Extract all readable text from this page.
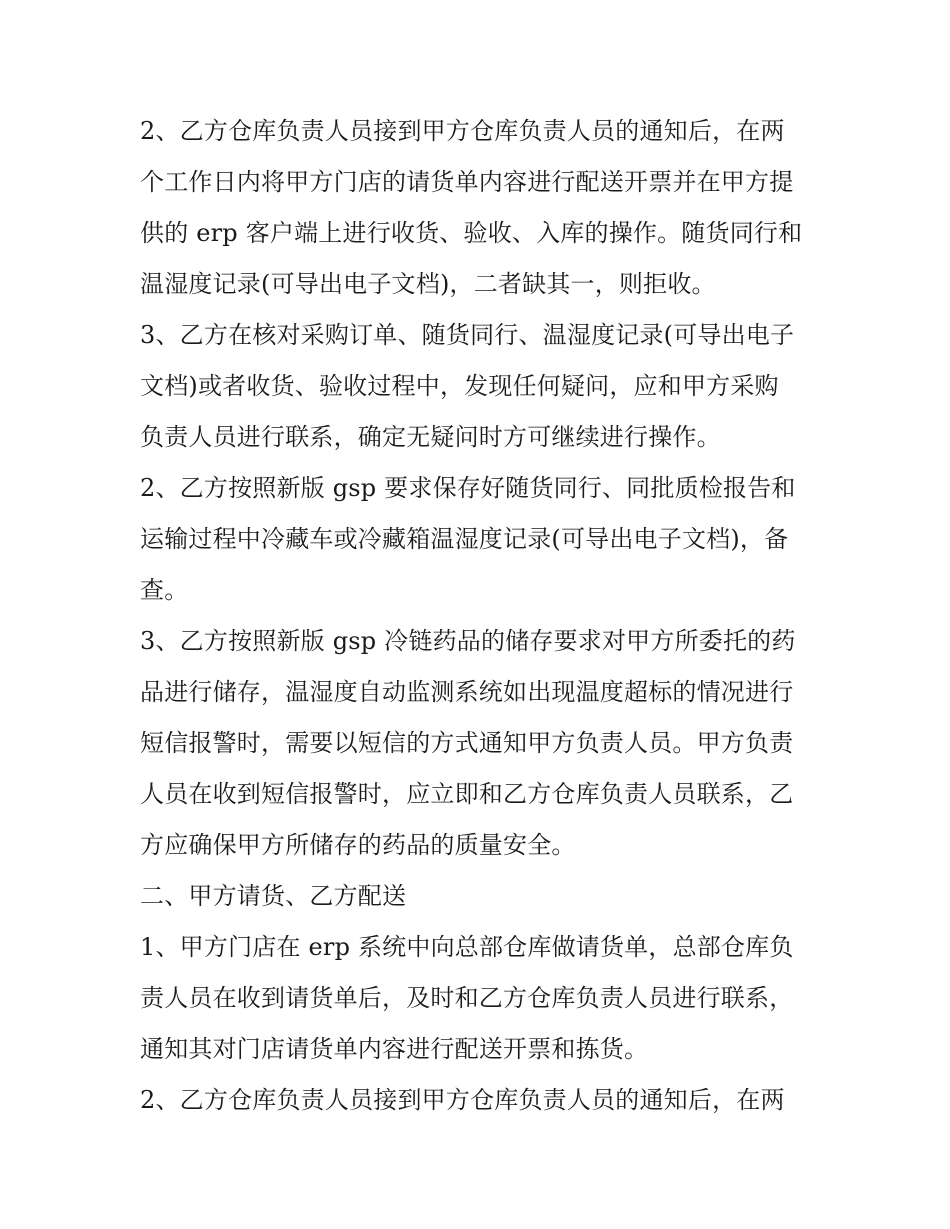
2、乙方仓库负责人员接到甲方仓库负责人员的通知后，在两
个工作日内将甲方门店的请货单内容进行配送开票并在甲方提
供的 erp 客户端上进行收货、验收、入库的操作。随货同行和
温湿度记录(可导出电子文档)，二者缺其一，则拒收。
3、乙方在核对采购订单、随货同行、温湿度记录(可导出电子
文档)或者收货、验收过程中，发现任何疑问，应和甲方采购
负责人员进行联系，确定无疑问时方可继续进行操作。
2、乙方按照新版 gsp 要求保存好随货同行、同批质检报告和
运输过程中冷藏车或冷藏箱温湿度记录(可导出电子文档)，备
查。
3、乙方按照新版 gsp 冷链药品的储存要求对甲方所委托的药
品进行储存，温湿度自动监测系统如出现温度超标的情况进行
短信报警时，需要以短信的方式通知甲方负责人员。甲方负责
人员在收到短信报警时，应立即和乙方仓库负责人员联系，乙
方应确保甲方所储存的药品的质量安全。
二、甲方请货、乙方配送
1、甲方门店在 erp 系统中向总部仓库做请货单，总部仓库负
责人员在收到请货单后，及时和乙方仓库负责人员进行联系，
通知其对门店请货单内容进行配送开票和拣货。
2、乙方仓库负责人员接到甲方仓库负责人员的通知后，在两
